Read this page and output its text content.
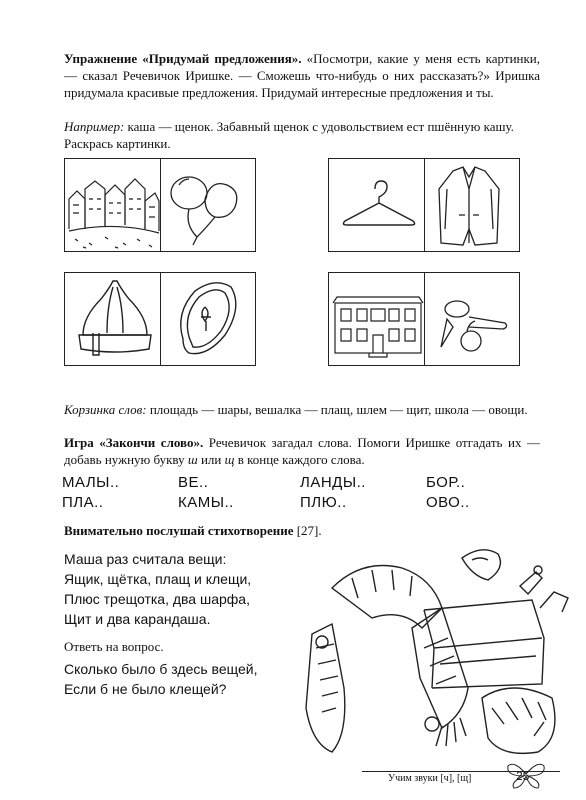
Упражнение «Придумай предложения». «Посмотри, какие у меня есть картинки, — сказал Речевичок Иришке. — Сможешь что-нибудь о них рассказать?» Иришка придумала красивые предложения. Придумай интересные предложения и ты.
Например: каша — щенок. Забавный щенок с удовольствием ест пшённую кашу.
Раскрась картинки.
Корзинка слов: площадь — шары, вешалка — плащ, шлем — щит, школа — овощи.
Игра «Закончи слово». Речевичок загадал слова. Помоги Иришке отгадать их — добавь нужную букву ш или щ в конце каждого слова.
МАЛЫ..	ВЕ..	ЛАНДЫ..	БОР..
ПЛА..	КАМЫ..	ПЛЮ..	ОВО..
Внимательно послушай стихотворение [27].
Маша раз считала вещи:
Ящик, щётка, плащ и клещи,
Плюс трещотка, два шарфа,
Щит и два карандаша.
Ответь на вопрос.
Сколько было б здесь вещей,
Если б не было клещей?
Учим звуки [ч], [щ]	25
